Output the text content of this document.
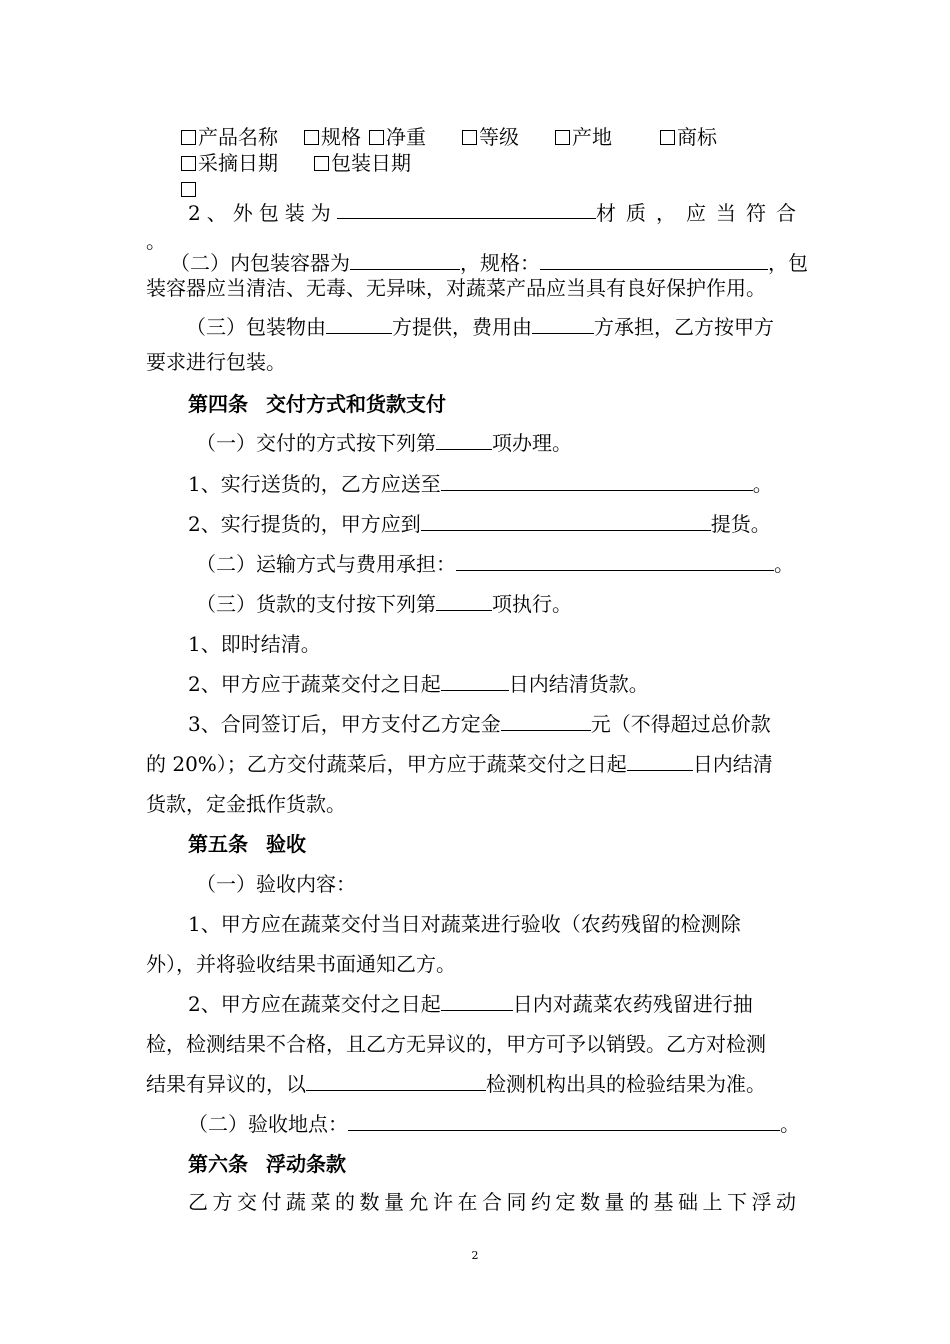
产品名称 规格 净重	等级	产地	商标
采摘日期	包装日期
2、外包装为	材质，应当符合
。
（二）内包装容器为	，规格：	，包
装容器应当清洁、无毒、无异味，对蔬菜产品应当具有良好保护作用。
（三）包装物由	方提供，费用由	方承担，乙方按甲方
要求进行包装。
第四条 交付方式和货款支付
（一）交付的方式按下列第	项办理。
1、实行送货的，乙方应送至	。
2、实行提货的，甲方应到	提货。
（二）运输方式与费用承担：	。
（三）货款的支付按下列第	项执行。
1、即时结清。
2、甲方应于蔬菜交付之日起	日内结清货款。
3、合同签订后，甲方支付乙方定金	元（不得超过总价款
的 20%）；乙方交付蔬菜后，甲方应于蔬菜交付之日起	日内结清
货款，定金抵作货款。
第五条 验收
（一）验收内容：
1、甲方应在蔬菜交付当日对蔬菜进行验收（农药残留的检测除
外），并将验收结果书面通知乙方。
2、甲方应在蔬菜交付之日起	日内对蔬菜农药残留进行抽
检，检测结果不合格，且乙方无异议的，甲方可予以销毁。乙方对检测
结果有异议的，以	检测机构出具的检验结果为准。
（二）验收地点：	。
第六条 浮动条款
乙方交付蔬菜的数量允许在合同约定数量的基础上下浮动
2
